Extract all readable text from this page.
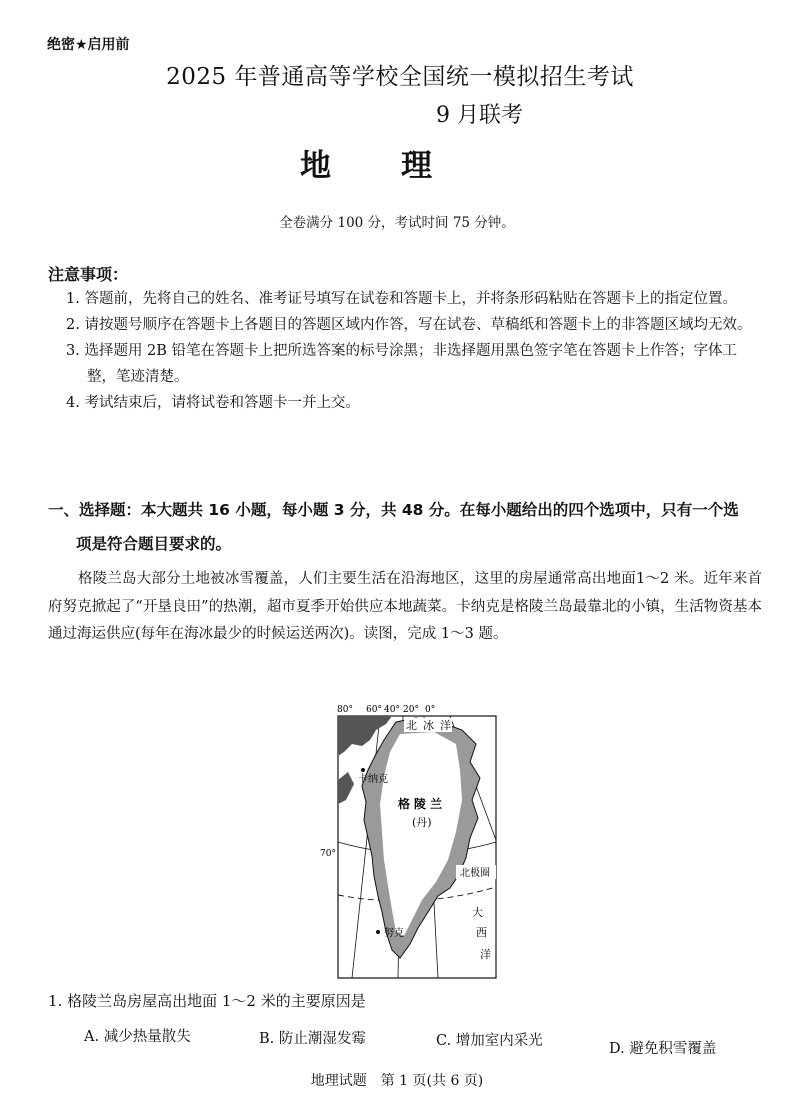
绝密★启用前
2025 年普通高等学校全国统一模拟招生考试
9 月联考
地理
全卷满分 100 分，考试时间 75 分钟。
注意事项：
1. 答题前，先将自己的姓名、准考证号填写在试卷和答题卡上，并将条形码粘贴在答题卡上的指定位置。
2. 请按题号顺序在答题卡上各题目的答题区域内作答，写在试卷、草稿纸和答题卡上的非答题区域均无效。
3. 选择题用 2B 铅笔在答题卡上把所选答案的标号涂黑；非选择题用黑色签字笔在答题卡上作答；字体工整，笔迹清楚。
4. 考试结束后，请将试卷和答题卡一并上交。
一、选择题：本大题共 16 小题，每小题 3 分，共 48 分。在每小题给出的四个选项中，只有一个选
项是符合题目要求的。
格陵兰岛大部分土地被冰雪覆盖，人们主要生活在沿海地区，这里的房屋通常高出地面1～2 米。近年来首府努克掀起了“开垦良田”的热潮，超市夏季开始供应本地蔬菜。卡纳克是格陵兰岛最靠北的小镇，生活物资基本通过海运供应(每年在海冰最少的时候运送两次)。读图，完成 1～3 题。
80° 60° 40° 20° 0°
北冰洋
卡纳克
格陵兰
(丹)
70°
北极圈
努克
大
西
洋
1. 格陵兰岛房屋高出地面 1～2 米的主要原因是
A. 减少热量散失	B. 防止潮湿发霉	C. 增加室内采光	D. 避免积雪覆盖
地理试题　第 1 页(共 6 页)
